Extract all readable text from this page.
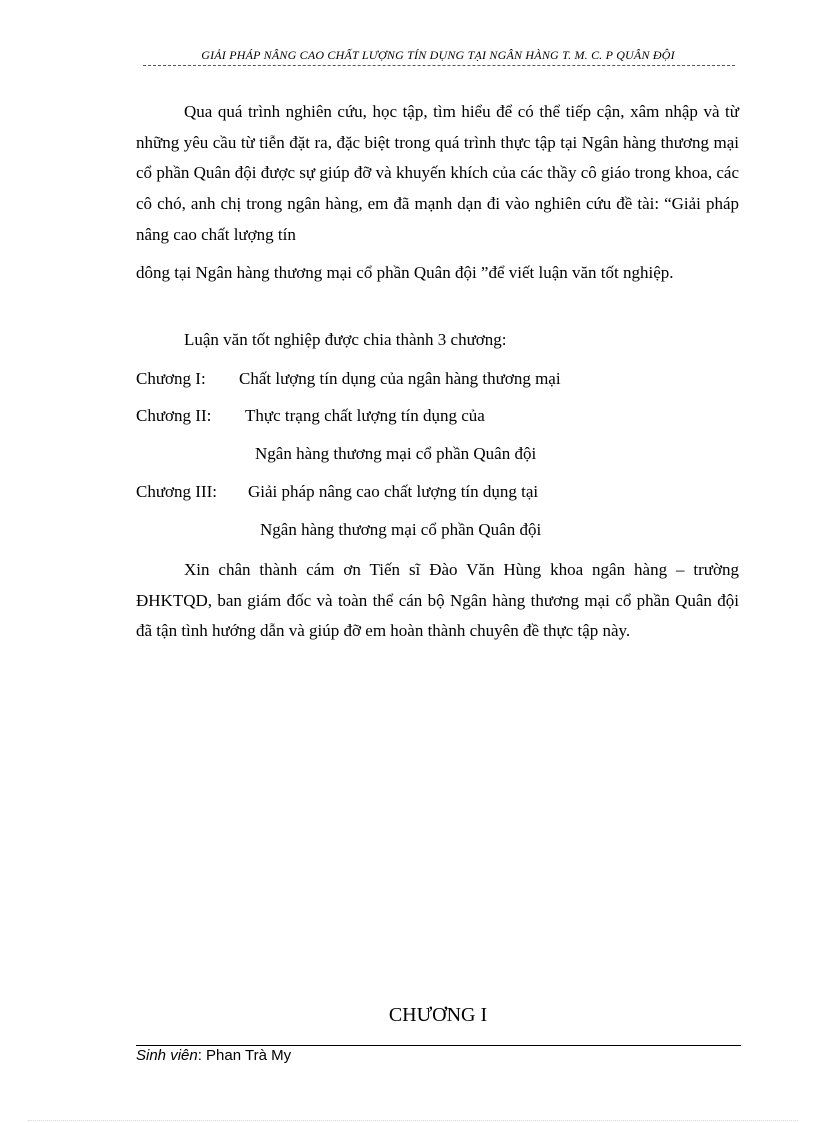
GIẢI PHÁP NÂNG CAO CHẤT LƯỢNG TÍN DỤNG TẠI NGÂN HÀNG T. M. C. P QUÂN ĐỘI

Qua quá trình nghiên cứu, học tập, tìm hiểu để có thể tiếp cận, xâm nhập và từ những yêu cầu từ tiễn đặt ra, đặc biệt trong quá trình thực tập tại Ngân hàng thương mại cổ phần Quân đội được sự giúp đỡ và khuyến khích của các thầy cô giáo trong khoa, các cô chó, anh chị trong ngân hàng, em đã mạnh dạn đi vào nghiên cứu đề tài: “Giải pháp nâng cao chất lượng tín

dông tại Ngân hàng thương mại cổ phần Quân đội ”để viết luận văn tốt nghiệp.

Luận văn tốt nghiệp được chia thành 3 chương:

Chương I: Chất lượng tín dụng của ngân hàng thương mại
Chương II: Thực trạng chất lượng tín dụng của
Ngân hàng thương mại cổ phần Quân đội
Chương III: Giải pháp nâng cao chất lượng tín dụng tại
Ngân hàng thương mại cổ phần Quân đội

Xin chân thành cám ơn Tiến sĩ Đào Văn Hùng khoa ngân hàng – trường ĐHKTQD, ban giám đốc và toàn thể cán bộ Ngân hàng thương mại cổ phần Quân đội đã tận tình hướng dẫn và giúp đỡ em hoàn thành chuyên đề thực tập này.

CHƯƠNG I
Sinh viên: Phan Trà My
